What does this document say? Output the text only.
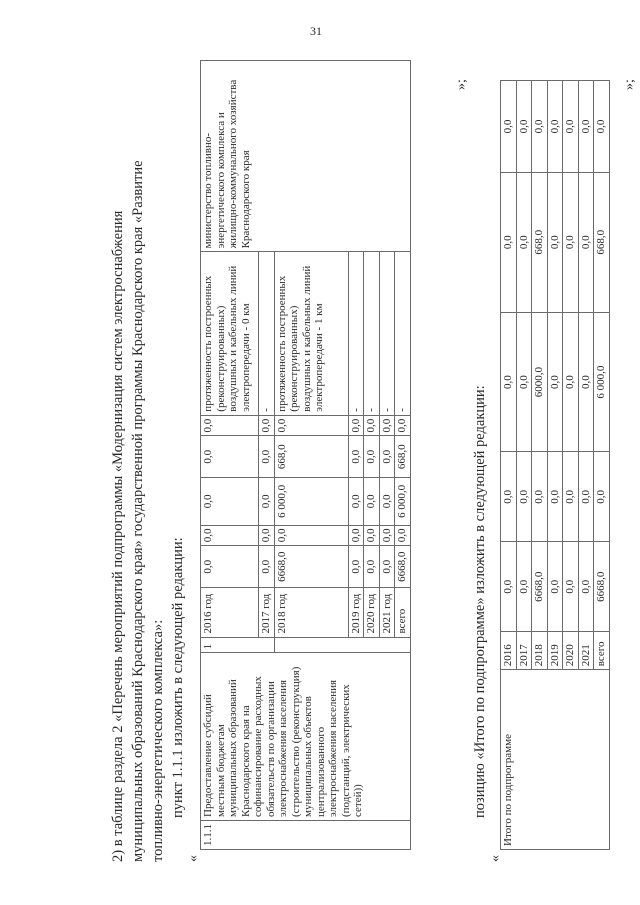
31
2) в таблице раздела 2 «Перечень мероприятий подпрограммы «Модернизация систем электроснабжения муниципальных образований Краснодарского края» государственной программы Краснодарского края «Развитие топливно-энергетического комплекса»: пункт 1.1.1 изложить в следующей редакции:
«
1.1.1	Предоставление субсидий местным бюджетам муниципальных образований Краснодарского края на софинансирование расходных обязательств по организации электроснабжения населения (строительство (реконструкция) муниципальных объектов централизованного электроснабжения населения (подстанций, электрических сетей))	1	2016 год	0,0	0,0	0,0	0,0	0,0	протяженность построенных (реконструированных) воздушных и кабельных линий электропередачи - 0 км	министерство топливно-энергетического комплекса и жилищно-коммунального хозяйства Краснодарского края
			2017 год	0,0	0,0	0,0	0,0	0,0	-	
			2018 год	6668,0	0,0	6 000,0	668,0	0,0	протяженность построенных (реконструированных) воздушных и кабельных линий электропередачи - 1 км	
			2019 год	0,0	0,0	0,0	0,0	0,0	-	
			2020 год	0,0	0,0	0,0	0,0	0,0	-	
			2021 год	0,0	0,0	0,0	0,0	0,0	-	
			всего	6668,0	0,0	6 000,0	668,0	0,0	-	
»;
позицию «Итого по подпрограмме» изложить в следующей редакции:
«
Итого по подпрограмме	2016	0,0	0,0	0,0	0,0	0,0
	2017	0,0	0,0	0,0	0,0	0,0
	2018	6668,0	0,0	6000,0	668,0	0,0
	2019	0,0	0,0	0,0	0,0	0,0
	2020	0,0	0,0	0,0	0,0	0,0
	2021	0,0	0,0	0,0	0,0	0,0
	всего	6668,0	0,0	6 000,0	668,0	0,0
»;
